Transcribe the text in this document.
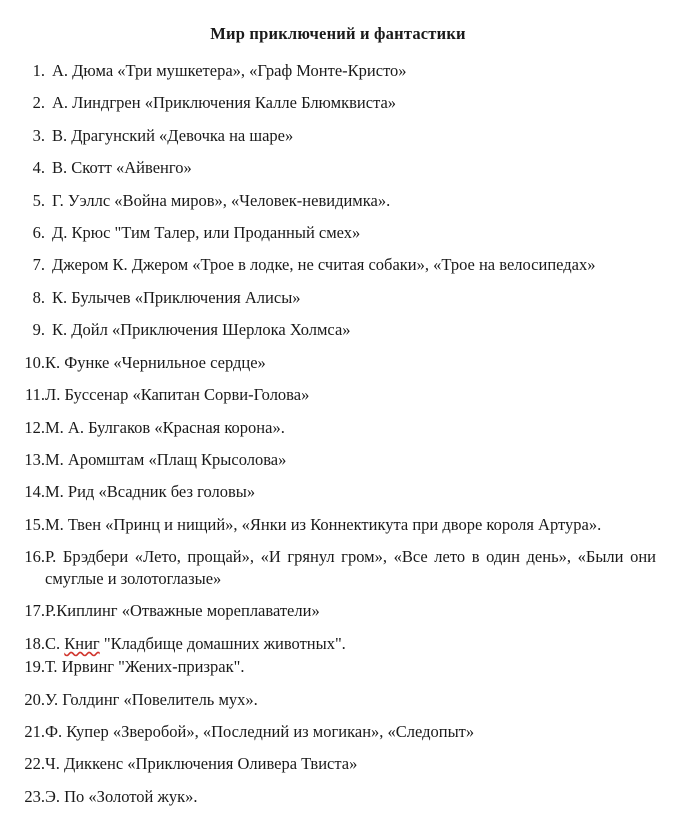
Мир приключений и фантастики
1. А. Дюма «Три мушкетера», «Граф Монте-Кристо»
2. А. Линдгрен «Приключения Калле Блюмквиста»
3. В. Драгунский «Девочка на шаре»
4. В. Скотт «Айвенго»
5. Г. Уэллс «Война миров», «Человек-невидимка».
6. Д. Крюс "Тим Талер, или Проданный смех»
7. Джером К. Джером «Трое в лодке, не считая собаки», «Трое на велосипедах»
8. К. Булычев «Приключения Алисы»
9. К. Дойл «Приключения Шерлока Холмса»
10. К. Функе «Чернильное сердце»
11. Л. Буссенар «Капитан Сорви-Голова»
12. М. А. Булгаков «Красная корона».
13. М. Аромштам «Плащ Крысолова»
14. М. Рид «Всадник без головы»
15. М. Твен «Принц и нищий», «Янки из Коннектикута при дворе короля Артура».
16. Р. Брэдбери «Лето, прощай», «И грянул гром», «Все лето в один день», «Были они смуглые и золотоглазые»
17. Р.Киплинг «Отважные мореплаватели»
18. С. Книг "Кладбище домашних животных".
19. Т. Ирвинг "Жених-призрак".
20. У. Голдинг «Повелитель мух».
21. Ф. Купер «Зверобой», «Последний из могикан», «Следопыт»
22. Ч. Диккенс «Приключения Оливера Твиста»
23. Э. По «Золотой жук».
